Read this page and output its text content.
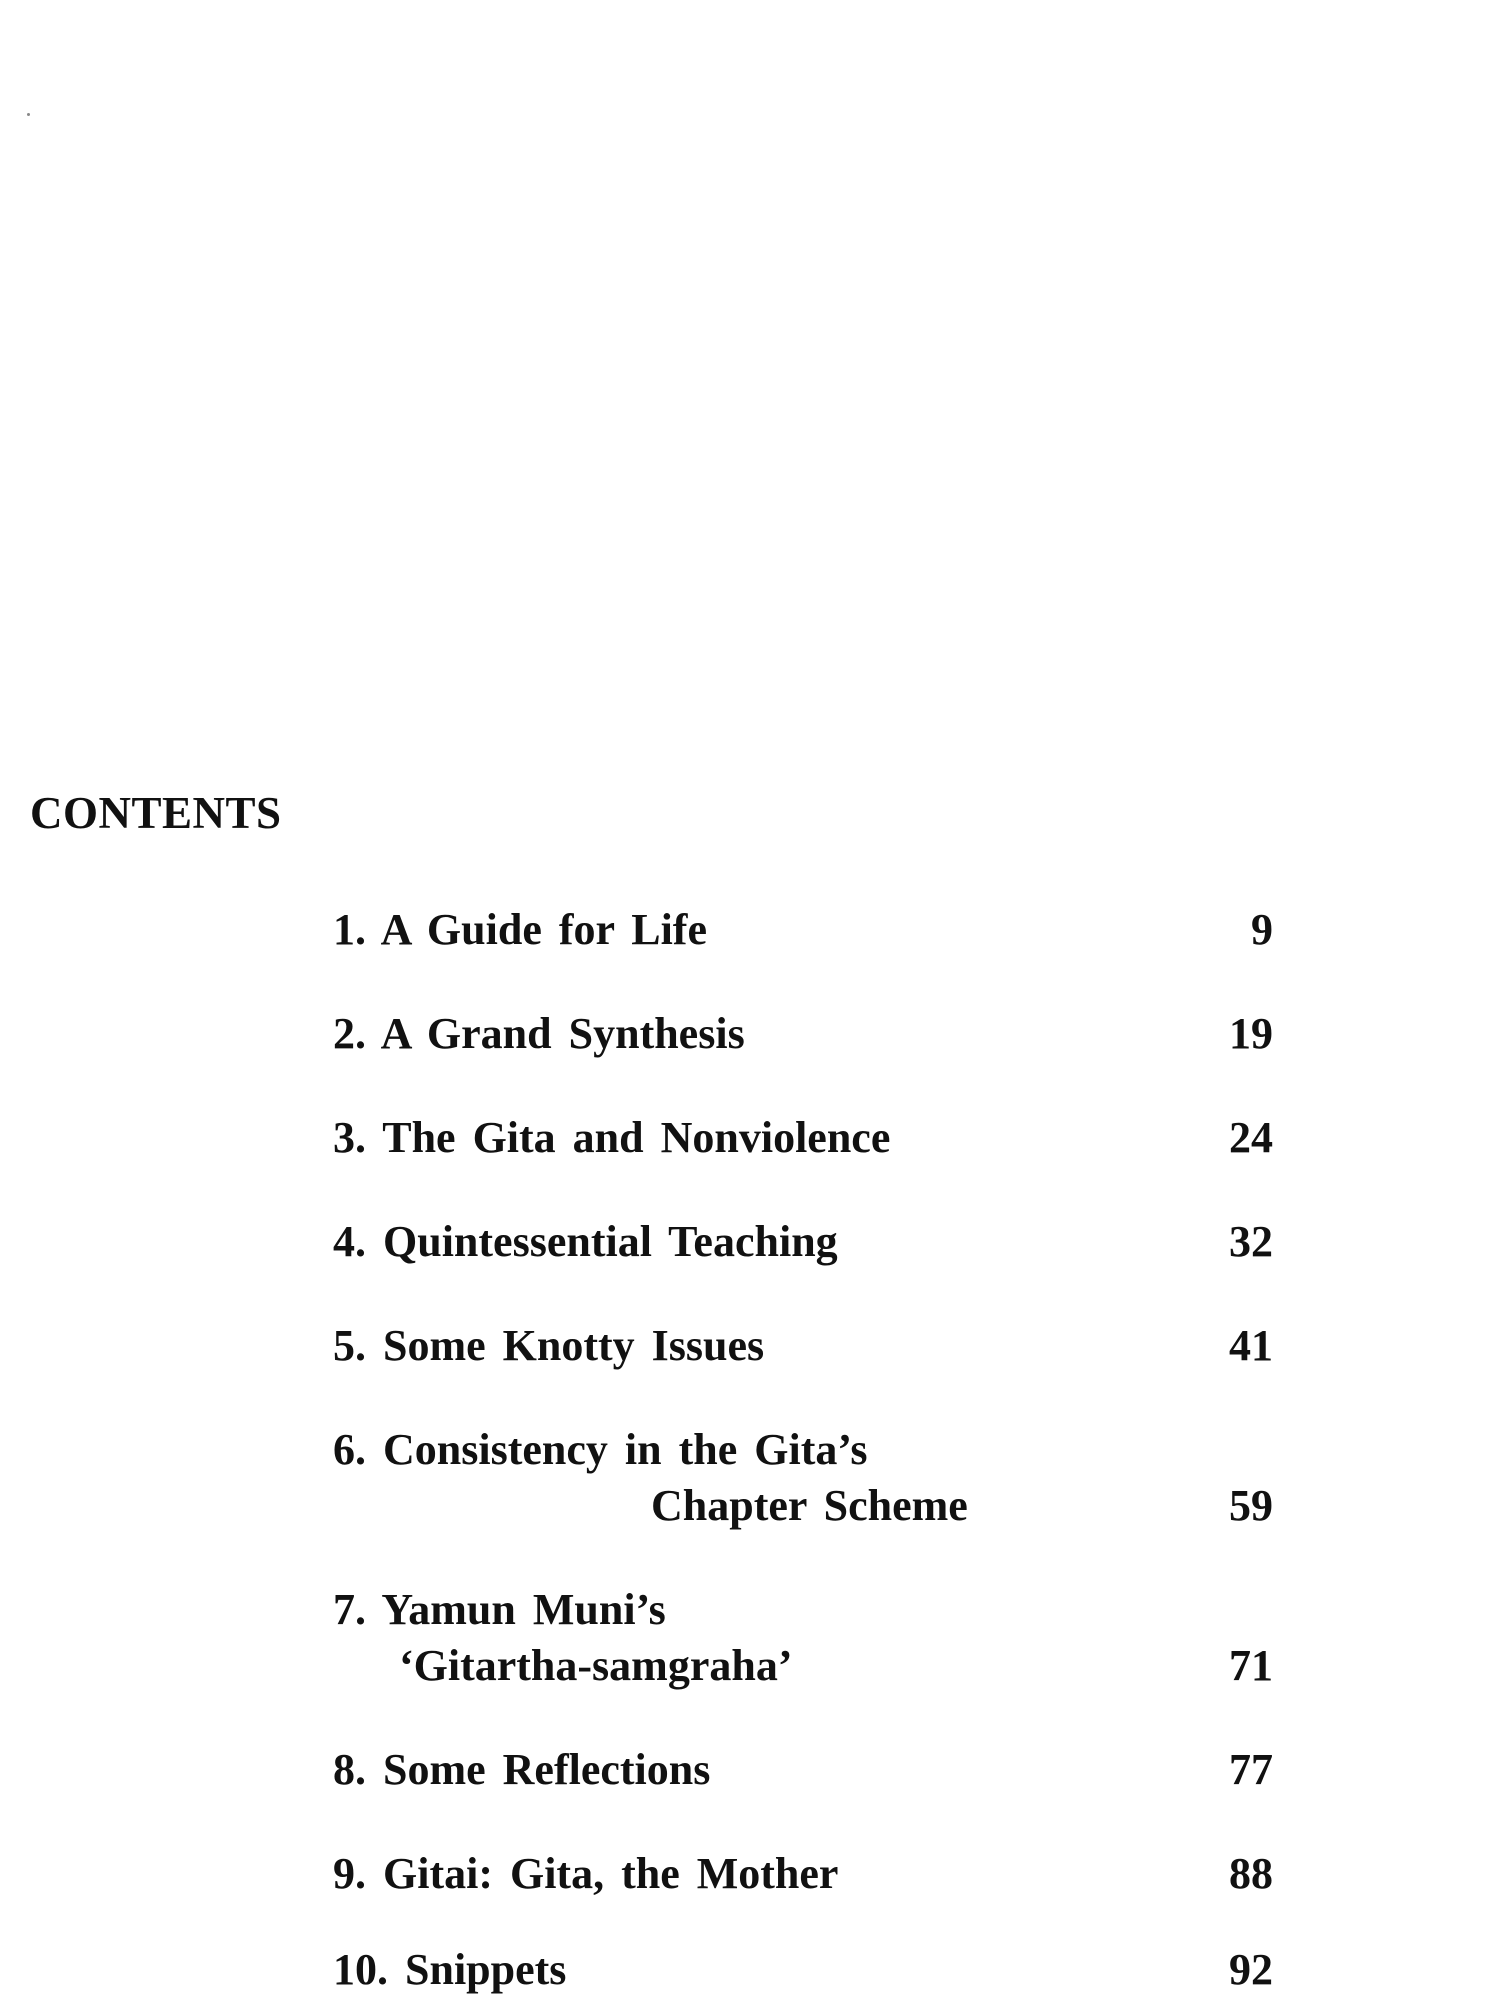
CONTENTS
1. A Guide for Life	9
2. A Grand Synthesis	19
3. The Gita and Nonviolence	24
4. Quintessential Teaching	32
5. Some Knotty Issues	41
6. Consistency in the Gita’s
Chapter Scheme	59
7. Yamun Muni’s
‘Gitartha-samgraha’	71
8. Some Reflections	77
9. Gitai: Gita, the Mother	88
10. Snippets	92
